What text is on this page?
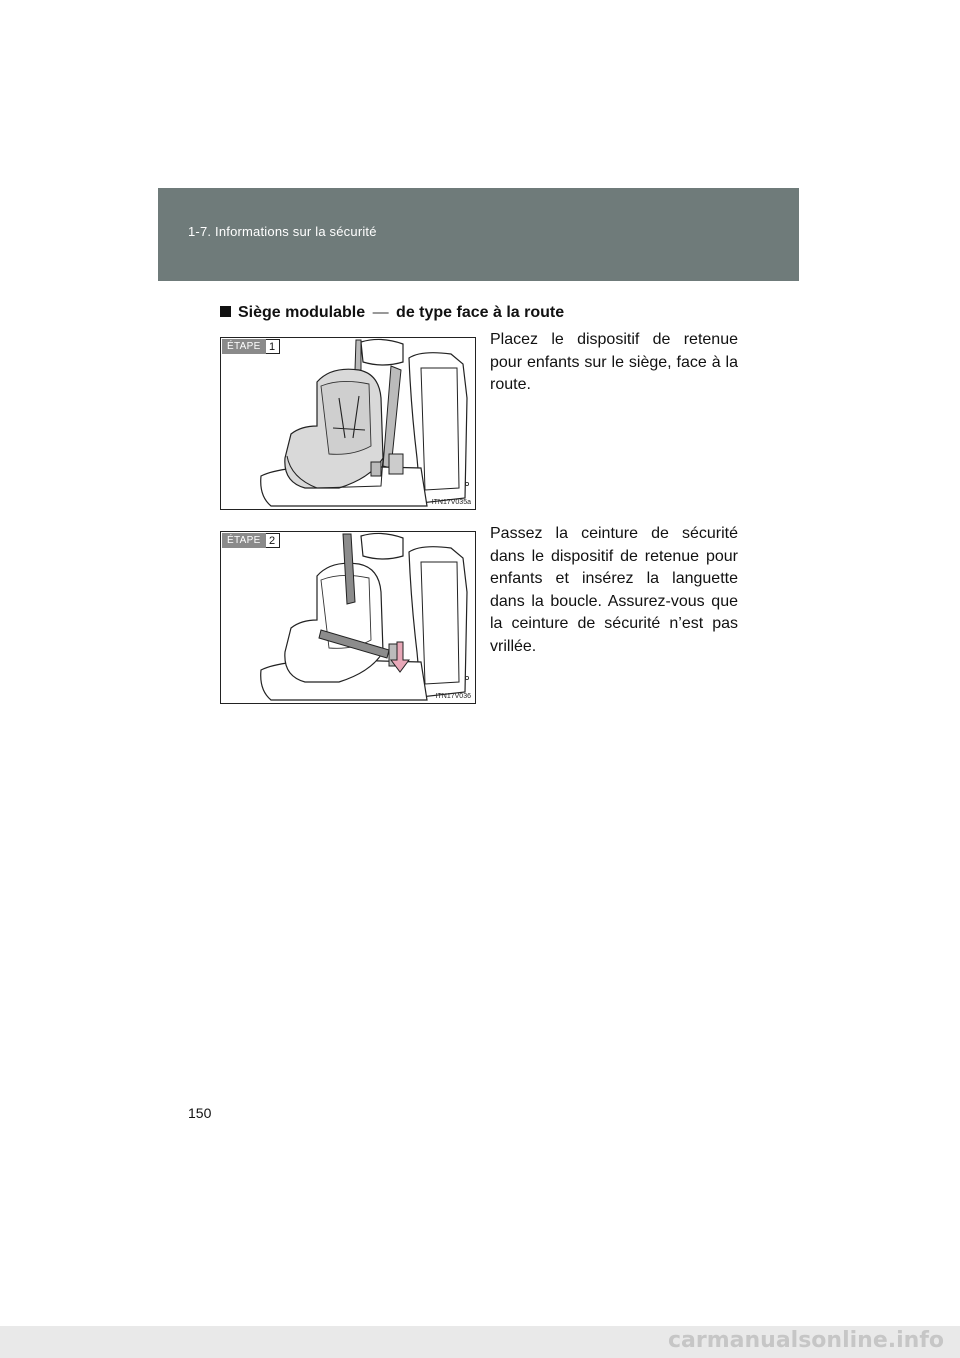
1-7. Informations sur la sécurité
Siège modulable — de type face à la route
ÉTAPE 1
ITN17V035a
Placez le dispositif de retenue pour enfants sur le siège, face à la route.
ÉTAPE 2
ITN17V036
Passez la ceinture de sécurité dans le dispositif de retenue pour enfants et insérez la languette dans la boucle. Assurez-vous que la ceinture de sécurité n’est pas vrillée.
150
carmanualsonline.info
